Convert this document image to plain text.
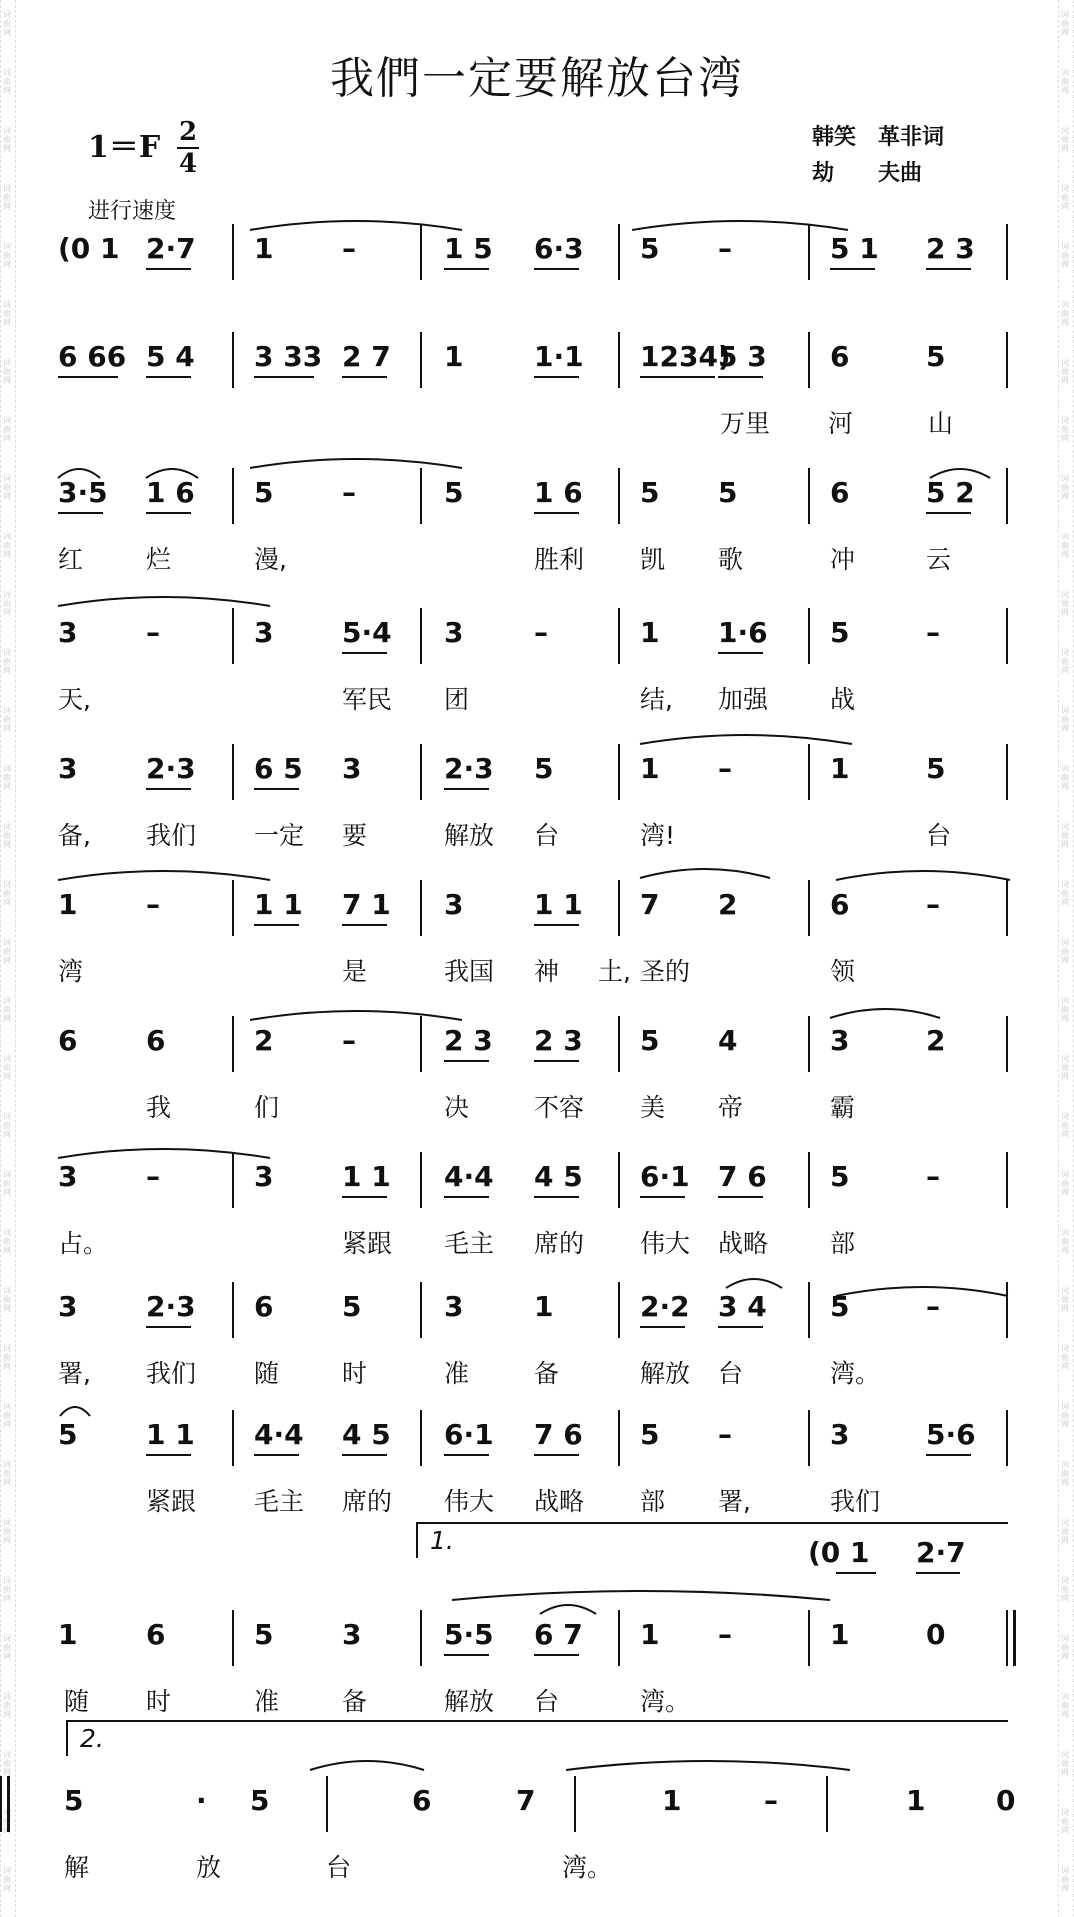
词
曲
网
词
曲
网
词
曲
网
词
曲
网
词
曲
网
词
曲
网
词
曲
网
词
曲
网
词
曲
网
词
曲
网
词
曲
网
词
曲
网
词
曲
网
词
曲
网
词
曲
网
词
曲
网
词
曲
网
词
曲
网
词
曲
网
词
曲
网
词
曲
网
词
曲
网
词
曲
网
词
曲
网
词
曲
网
词
曲
网
词
曲
网
词
曲
网
词
曲
网
词
曲
网
词
曲
网
词
曲
网
词
曲
网
词
曲
网
词
曲
网
词
曲
网
词
曲
网
词
曲
网
词
曲
网
词
曲
网
词
曲
网
词
曲
网
词
曲
网
词
曲
网
词
曲
网
词
曲
网
词
曲
网
词
曲
网
词
曲
网
词
曲
网
词
曲
网
词
曲
网
词
曲
网
词
曲
网
词
曲
网
词
曲
网
词
曲
网
词
曲
网
词
曲
网
词
曲
网
词
曲
网
词
曲
网
词
曲
网
词
曲
网
词
曲
网
词
曲
网
我們一定要解放台湾
1＝F 2
4
韩笑　革非词
劫　　夫曲
进行速度
(0 1 2·7 1 –	1 5 6·3 5 –	5 1 2 3
6 66 5 4 3 33 2 7 1	1·1 1234)
5 3 6	5
万里 河	山
3·5 1 6 5 –	5	1 6 5 5	6	5 2
红	烂	漫,	胜利 凯 歌	冲	云
3 –	3 5·4 3	–	1 1·6 5	–
天,	军民 团	结, 加强 战
3 2·3 6 5 3	2·3 5	1 –	1	5
备, 我们 一定 要	解放 台	湾!	台
1 –	1 1 7 1 3	1 1 7 2	6	–
湾	是	我国 神	圣的	领
土,
6 6	2 –	2 3 2 3 5 4	3	2
我	们	决	不容 美 帝	霸
3 –	3 1 1 4·4 4 5 6·1 7 6 5	–
占。	紧跟 毛主 席的 伟大 战略 部
3 2·3 6 5	3	1	2·2 3 4 5	–
署, 我们 随	时	准	备	解放 台	湾。
5 1 1 4·4 4 5 6·1 7 6 5 –	3	5·6
紧跟 毛主 席的 伟大 战略 部 署,	我们
1 6	5 3	5·5 6 7 1 –	1	0
随 时	准	备	解放 台	湾。
1.	(0 1 2·7
5	· 5	6	7	1	–	1	0
解	放	台	湾。
2.
